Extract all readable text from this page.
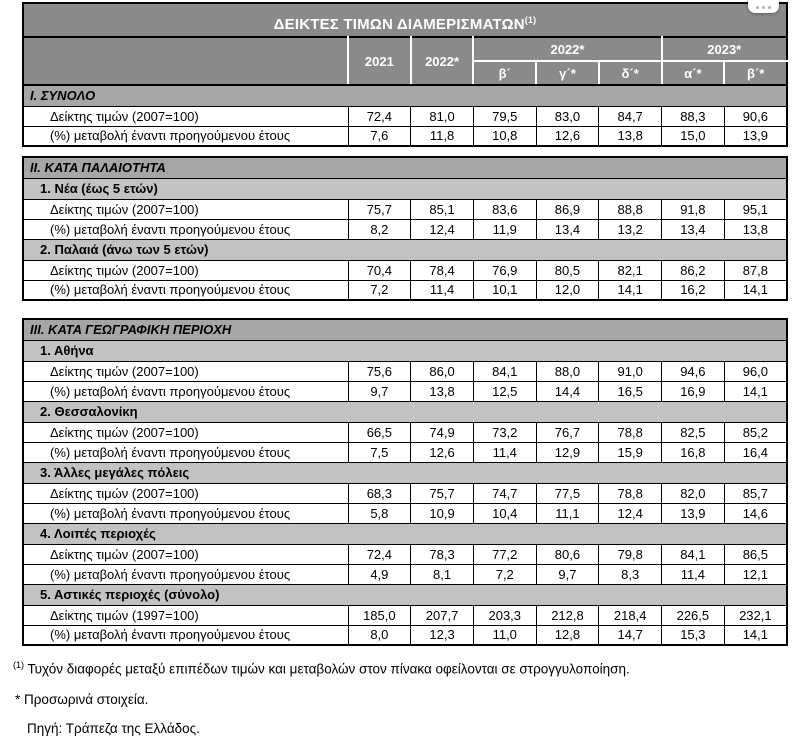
ΔΕΙΚΤΕΣ ΤΙΜΩΝ ΔΙΑΜΕΡΙΣΜΑΤΩΝ$^{(1)}$
	2021	2022*	2022*			2023*	
			β´	γ´*	δ´*	α´*	β´*
Ι. ΣΥΝΟΛΟ							
Δείκτης τιμών (2007=100)	72,4	81,0	79,5	83,0	84,7	88,3	90,6
(%) μεταβολή έναντι προηγούμενου έτους	7,6	11,8	10,8	12,6	13,8	15,0	13,9
ΙΙ. ΚΑΤΑ ΠΑΛΑΙΟΤΗΤΑ							
1. Νέα (έως 5 ετών)							
Δείκτης τιμών (2007=100)	75,7	85,1	83,6	86,9	88,8	91,8	95,1
(%) μεταβολή έναντι προηγούμενου έτους	8,2	12,4	11,9	13,4	13,2	13,4	13,8
2. Παλαιά (άνω των 5 ετών)							
Δείκτης τιμών (2007=100)	70,4	78,4	76,9	80,5	82,1	86,2	87,8
(%) μεταβολή έναντι προηγούμενου έτους	7,2	11,4	10,1	12,0	14,1	16,2	14,1
ΙΙΙ. ΚΑΤΑ ΓΕΩΓΡΑΦΙΚΗ ΠΕΡΙΟΧΗ							
1. Αθήνα							
Δείκτης τιμών (2007=100)	75,6	86,0	84,1	88,0	91,0	94,6	96,0
(%) μεταβολή έναντι προηγούμενου έτους	9,7	13,8	12,5	14,4	16,5	16,9	14,1
2. Θεσσαλονίκη							
Δείκτης τιμών (2007=100)	66,5	74,9	73,2	76,7	78,8	82,5	85,2
(%) μεταβολή έναντι προηγούμενου έτους	7,5	12,6	11,4	12,9	15,9	16,8	16,4
3. Άλλες μεγάλες πόλεις							
Δείκτης τιμών (2007=100)	68,3	75,7	74,7	77,5	78,8	82,0	85,7
(%) μεταβολή έναντι προηγούμενου έτους	5,8	10,9	10,4	11,1	12,4	13,9	14,6
4. Λοιπές περιοχές							
Δείκτης τιμών (2007=100)	72,4	78,3	77,2	80,6	79,8	84,1	86,5
(%) μεταβολή έναντι προηγούμενου έτους	4,9	8,1	7,2	9,7	8,3	11,4	12,1
5. Αστικές περιοχές (σύνολο)							
Δείκτης τιμών (1997=100)	185,0	207,7	203,3	212,8	218,4	226,5	232,1
(%) μεταβολή έναντι προηγούμενου έτους	8,0	12,3	11,0	12,8	14,7	15,3	14,1

$^{(1)}$ Τυχόν διαφορές μεταξύ επιπέδων τιμών και μεταβολών στον πίνακα οφείλονται σε στρογγυλοποίηση.

* Προσωρινά στοιχεία.

Πηγή: Τράπεζα της Ελλάδος.
